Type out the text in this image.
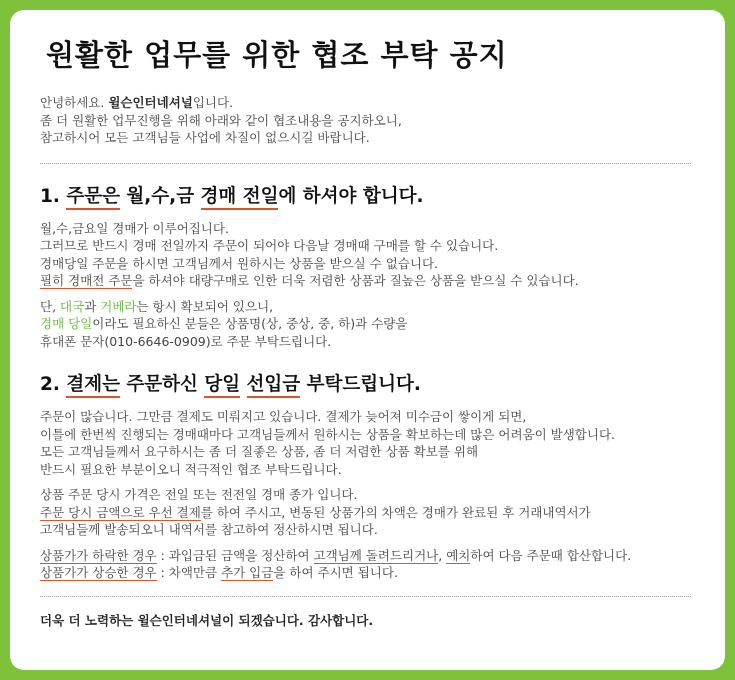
원활한 업무를 위한 협조 부탁 공지
안녕하세요. 윌슨인터네셔널입니다.
좀 더 원활한 업무진행을 위해 아래와 같이 협조내용을 공지하오니,
참고하시어 모든 고객님들 사업에 차질이 없으시길 바랍니다.
1. 주문은 월,수,금 경매 전일에 하셔야 합니다.
월,수,금요일 경매가 이루어집니다.
그러므로 반드시 경매 전일까지 주문이 되어야 다음날 경매때 구매를 할 수 있습니다.
경매당일 주문을 하시면 고객님께서 원하시는 상품을 받으실 수 없습니다.
필히 경매전 주문을 하셔야 대량구매로 인한 더욱 저렴한 상품과 질높은 상품을 받으실 수 있습니다.
단, 대국과 거베라는 항시 확보되어 있으니,
경매 당일이라도 필요하신 분들은 상품명(상, 중상, 중, 하)과 수량을
휴대폰 문자(010-6646-0909)로 주문 부탁드립니다.
2. 결제는 주문하신 당일 선입금 부탁드립니다.
주문이 많습니다. 그만큼 결제도 미뤄지고 있습니다. 결제가 늦어져 미수금이 쌓이게 되면,
이틀에 한번씩 진행되는 경매때마다 고객님들께서 원하시는 상품을 확보하는데 많은 어려움이 발생합니다.
모든 고객님들께서 요구하시는 좀 더 질좋은 상품, 좀 더 저렴한 상품 확보를 위해
반드시 필요한 부분이오니 적극적인 협조 부탁드립니다.
상품 주문 당시 가격은 전일 또는 전전일 경매 종가 입니다.
주문 당시 금액으로 우선 결제를 하여 주시고, 변동된 상품가의 차액은 경매가 완료된 후 거래내역서가
고객님들께 발송되오니 내역서를 참고하여 정산하시면 됩니다.
상품가가 하락한 경우 : 과입금된 금액을 정산하여 고객님께 돌려드리거나, 예치하여 다음 주문때 합산합니다.
상품가가 상승한 경우 : 차액만큼 추가 입금을 하여 주시면 됩니다.
더욱 더 노력하는 윌슨인터네셔널이 되겠습니다. 감사합니다.
